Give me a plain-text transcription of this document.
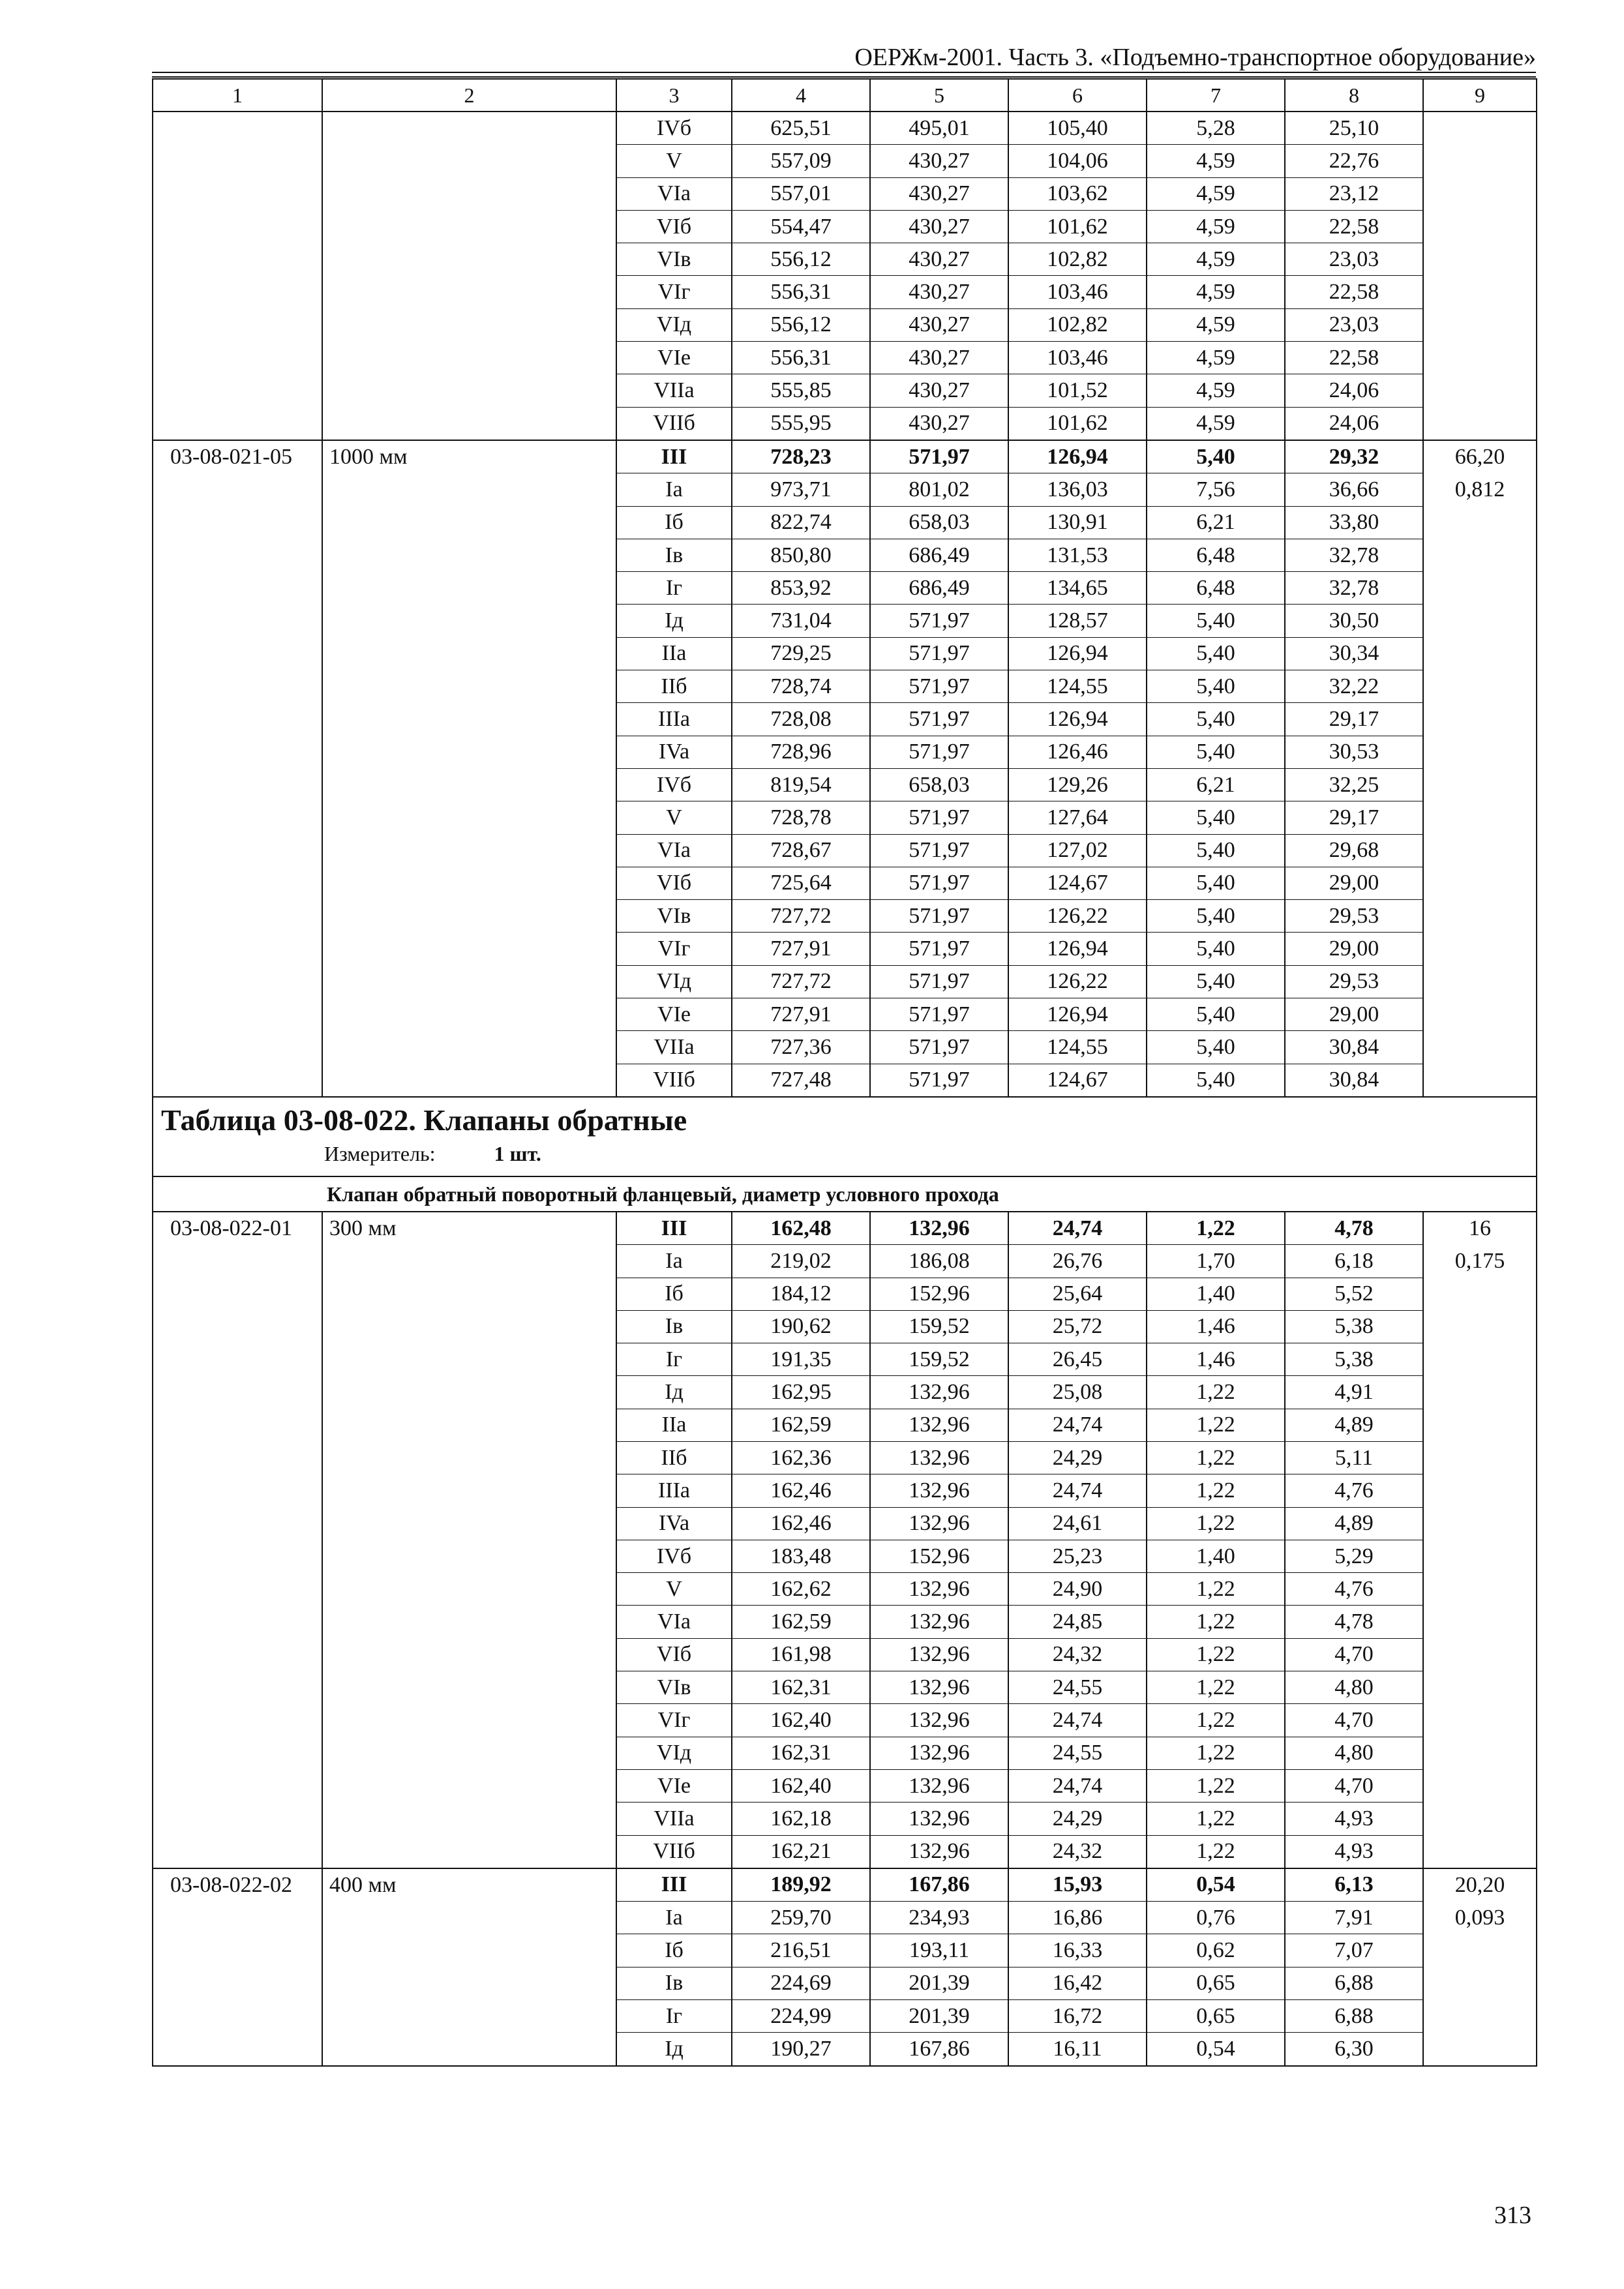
ОЕРЖм-2001. Часть 3. «Подъемно-транспортное оборудование»
1	2	3	4	5	6	7	8	9
		IVб	625,51	495,01	105,40	5,28	25,10	
		V	557,09	430,27	104,06	4,59	22,76	
		VIa	557,01	430,27	103,62	4,59	23,12	
		VIб	554,47	430,27	101,62	4,59	22,58	
		VIв	556,12	430,27	102,82	4,59	23,03	
		VIг	556,31	430,27	103,46	4,59	22,58	
		VIд	556,12	430,27	102,82	4,59	23,03	
		VIe	556,31	430,27	103,46	4,59	22,58	
		VIIa	555,85	430,27	101,52	4,59	24,06	
		VIIб	555,95	430,27	101,62	4,59	24,06	
03-08-021-05	1000 мм	III	728,23	571,97	126,94	5,40	29,32	66,20
		Ia	973,71	801,02	136,03	7,56	36,66	0,812
		Iб	822,74	658,03	130,91	6,21	33,80	
		Iв	850,80	686,49	131,53	6,48	32,78	
		Iг	853,92	686,49	134,65	6,48	32,78	
		Iд	731,04	571,97	128,57	5,40	30,50	
		IIa	729,25	571,97	126,94	5,40	30,34	
		IIб	728,74	571,97	124,55	5,40	32,22	
		IIIa	728,08	571,97	126,94	5,40	29,17	
		IVa	728,96	571,97	126,46	5,40	30,53	
		IVб	819,54	658,03	129,26	6,21	32,25	
		V	728,78	571,97	127,64	5,40	29,17	
		VIa	728,67	571,97	127,02	5,40	29,68	
		VIб	725,64	571,97	124,67	5,40	29,00	
		VIв	727,72	571,97	126,22	5,40	29,53	
		VIг	727,91	571,97	126,94	5,40	29,00	
		VIд	727,72	571,97	126,22	5,40	29,53	
		VIe	727,91	571,97	126,94	5,40	29,00	
		VIIa	727,36	571,97	124,55	5,40	30,84	
		VIIб	727,48	571,97	124,67	5,40	30,84	

Таблица 03-08-022. Клапаны обратные
Измеритель: 1 шт.								

Клапан обратный поворотный фланцевый, диаметр условного прохода								
03-08-022-01	300 мм	III	162,48	132,96	24,74	1,22	4,78	16
		Ia	219,02	186,08	26,76	1,70	6,18	0,175
		Iб	184,12	152,96	25,64	1,40	5,52	
		Iв	190,62	159,52	25,72	1,46	5,38	
		Iг	191,35	159,52	26,45	1,46	5,38	
		Iд	162,95	132,96	25,08	1,22	4,91	
		IIa	162,59	132,96	24,74	1,22	4,89	
		IIб	162,36	132,96	24,29	1,22	5,11	
		IIIa	162,46	132,96	24,74	1,22	4,76	
		IVa	162,46	132,96	24,61	1,22	4,89	
		IVб	183,48	152,96	25,23	1,40	5,29	
		V	162,62	132,96	24,90	1,22	4,76	
		VIa	162,59	132,96	24,85	1,22	4,78	
		VIб	161,98	132,96	24,32	1,22	4,70	
		VIв	162,31	132,96	24,55	1,22	4,80	
		VIг	162,40	132,96	24,74	1,22	4,70	
		VIд	162,31	132,96	24,55	1,22	4,80	
		VIe	162,40	132,96	24,74	1,22	4,70	
		VIIa	162,18	132,96	24,29	1,22	4,93	
		VIIб	162,21	132,96	24,32	1,22	4,93	
03-08-022-02	400 мм	III	189,92	167,86	15,93	0,54	6,13	20,20
		Ia	259,70	234,93	16,86	0,76	7,91	0,093
		Iб	216,51	193,11	16,33	0,62	7,07	
		Iв	224,69	201,39	16,42	0,65	6,88	
		Iг	224,99	201,39	16,72	0,65	6,88	
		Iд	190,27	167,86	16,11	0,54	6,30	
313
